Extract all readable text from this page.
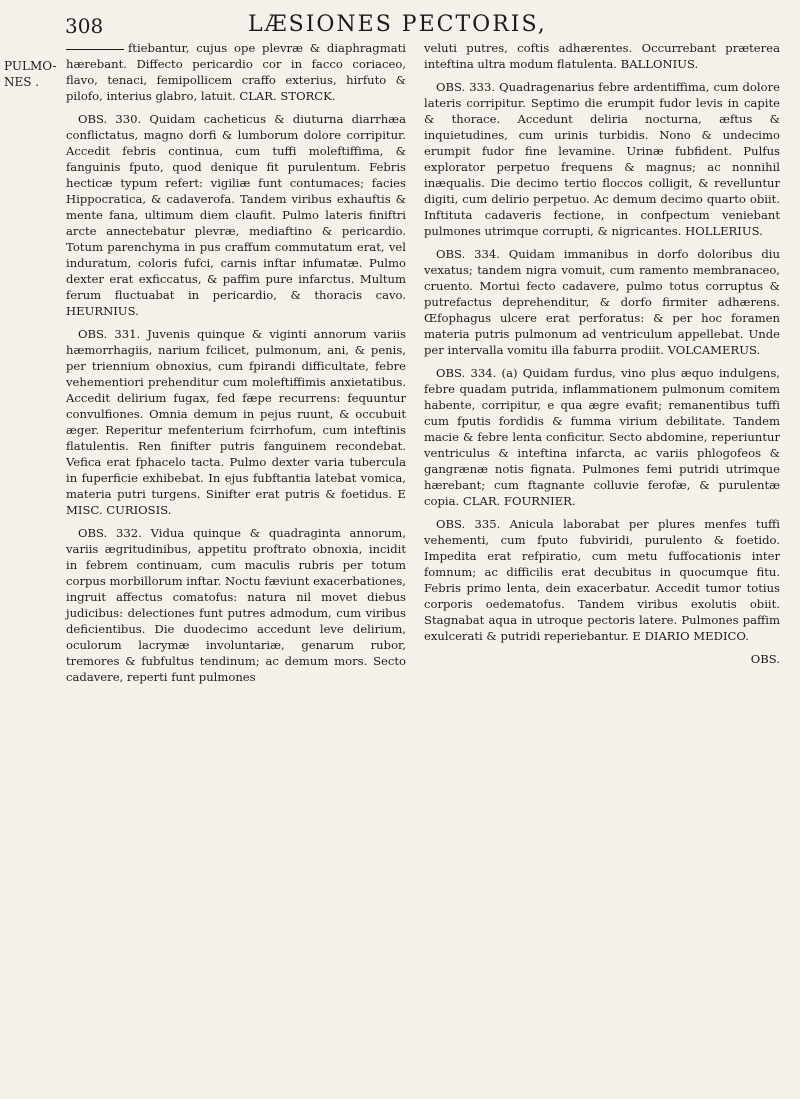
308	LÆSIONES PECTORIS,
PULMO-
NES .

ftiebantur, cujus ope plevræ & diaphragmati hærebant. Diffecto pericardio cor in facco coriaceo, flavo, tenaci, femipollicem craffo exterius, hirfuto & pilofo, interius glabro, latuit. CLAR. STORCK.

OBS. 330. Quidam cacheticus & diuturna diarrhæa conflictatus, magno dorfi & lumborum dolore corripitur. Accedit febris continua, cum tuffi moleftiffima, & fanguinis fputo, quod denique fit purulentum. Febris hecticæ typum refert: vigiliæ funt contumaces; facies Hippocratica, & cadaverofa. Tandem viribus exhauftis & mente fana, ultimum diem claufit. Pulmo lateris finiftri arcte annectebatur plevræ, mediaftino & pericardio. Totum parenchyma in pus craffum commutatum erat, vel induratum, coloris fufci, carnis inftar infumatæ. Pulmo dexter erat exficcatus, & paffim pure infarctus. Multum ferum fluctuabat in pericardio, & thoracis cavo. HEURNIUS.

OBS. 331. Juvenis quinque & viginti annorum variis hæmorrhagiis, narium fcilicet, pulmonum, ani, & penis, per triennium obnoxius, cum fpirandi difficultate, febre vehementiori prehenditur cum moleftiffimis anxietatibus. Accedit delirium fugax, fed fæpe recurrens: fequuntur convulfiones. Omnia demum in pejus ruunt, & occubuit æger. Reperitur mefenterium fcirrhofum, cum inteftinis flatulentis. Ren finifter putris fanguinem recondebat. Vefica erat fphacelo tacta. Pulmo dexter varia tubercula in fuperficie exhibebat. In ejus fubftantia latebat vomica, materia putri turgens. Sinifter erat putris & foetidus. E MISC. CURIOSIS.

OBS. 332. Vidua quinque & quadraginta annorum, variis ægritudinibus, appetitu proftrato obnoxia, incidit in febrem continuam, cum maculis rubris per totum corpus morbillorum inftar. Noctu fæviunt exacerbationes, ingruit affectus comatofus: natura nil movet diebus judicibus: delectiones funt putres admodum, cum viribus deficientibus. Die duodecimo accedunt leve delirium, oculorum lacrymæ involuntariæ, genarum rubor, tremores & fubfultus tendinum; ac demum mors. Secto cadavere, reperti funt pulmones

veluti putres, coftis adhærentes. Occurrebant præterea inteftina ultra modum flatulenta. BALLONIUS.

OBS. 333. Quadragenarius febre ardentiffima, cum dolore lateris corripitur. Septimo die erumpit fudor levis in capite & thorace. Accedunt deliria nocturna, æftus & inquietudines, cum urinis turbidis. Nono & undecimo erumpit fudor fine levamine. Urinæ fubfident. Pulfus explorator perpetuo frequens & magnus; ac nonnihil inæqualis. Die decimo tertio floccos colligit, & revelluntur digiti, cum delirio perpetuo. Ac demum decimo quarto obiit. Inftituta cadaveris fectione, in confpectum veniebant pulmones utrimque corrupti, & nigricantes. HOLLERIUS.

OBS. 334. Quidam immanibus in dorfo doloribus diu vexatus; tandem nigra vomuit, cum ramento membranaceo, cruento. Mortui fecto cadavere, pulmo totus corruptus & putrefactus deprehenditur, & dorfo firmiter adhærens. Œfophagus ulcere erat perforatus: & per hoc foramen materia putris pulmonum ad ventriculum appellebat. Unde per intervalla vomitu illa faburra prodiit. VOLCAMERUS.

OBS. 334. (a) Quidam furdus, vino plus æquo indulgens, febre quadam putrida, inflammationem pulmonum comitem habente, corripitur, e qua ægre evafit; remanentibus tuffi cum fputis fordidis & fumma virium debilitate. Tandem macie & febre lenta conficitur. Secto abdomine, reperiuntur ventriculus & inteftina infarcta, ac variis phlogofeos & gangrænæ notis fignata. Pulmones femi putridi utrimque hærebant; cum ftagnante colluvie ferofæ, & purulentæ copia. CLAR. FOURNIER.

OBS. 335. Anicula laborabat per plures menfes tuffi vehementi, cum fputo fubviridi, purulento & foetido. Impedita erat refpiratio, cum metu fuffocationis inter fomnum; ac difficilis erat decubitus in quocumque fitu. Febris primo lenta, dein exacerbatur. Accedit tumor totius corporis oedematofus. Tandem viribus exolutis obiit. Stagnabat aqua in utroque pectoris latere. Pulmones paffim exulcerati & putridi reperiebantur. E DIARIO MEDICO.

OBS.
